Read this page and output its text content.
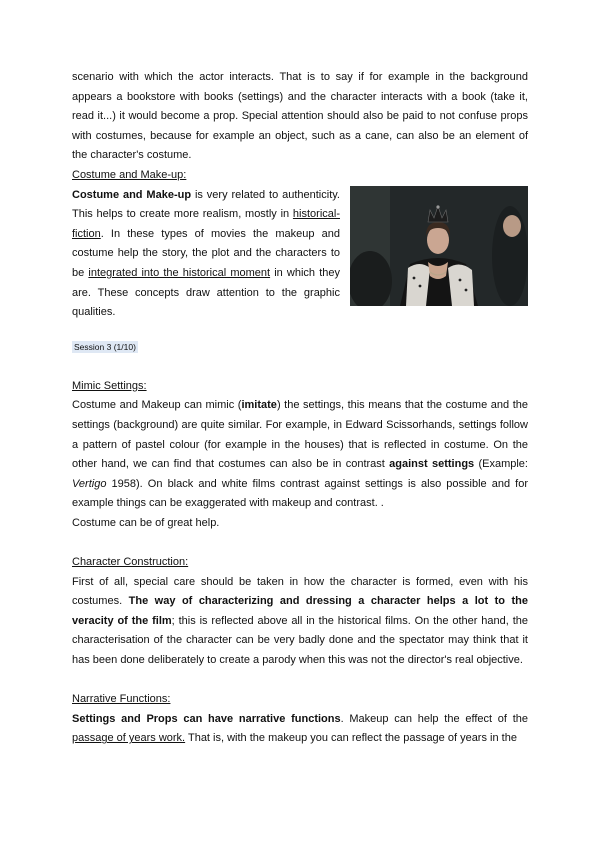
scenario with which the actor interacts. That is to say if for example in the background appears a bookstore with books (settings) and the character interacts with a book (take it, read it...) it would become a prop. Special attention should also be paid to not confuse props with costumes, because for example an object, such as a cane, can also be an element of the character's costume.

Costume and Make-up:

Costume and Make-up is very related to authenticity. This helps to create more realism, mostly in historical-fiction. In these types of movies the makeup and costume help the story, the plot and the characters to be integrated into the historical moment in which they are. These concepts draw attention to the graphic qualities.

Session 3 (1/10)

Mimic Settings:

Costume and Makeup can mimic (imitate) the settings, this means that the costume and the settings (background) are quite similar. For example, in Edward Scissorhands, settings follow a pattern of pastel colour (for example in the houses) that is reflected in costume. On the other hand, we can find that costumes can also be in contrast against settings (Example: Vertigo 1958). On black and white films contrast against settings is also possible and for example things can be exaggerated with makeup and contrast. .

Costume can be of great help.

Character Construction:

First of all, special care should be taken in how the character is formed, even with his costumes. The way of characterizing and dressing a character helps a lot to the veracity of the film; this is reflected above all in the historical films. On the other hand, the characterisation of the character can be very badly done and the spectator may think that it has been done deliberately to create a parody when this was not the director's real objective.

Narrative Functions:

Settings and Props can have narrative functions. Makeup can help the effect of the passage of years work. That is, with the makeup you can reflect the passage of years in the
